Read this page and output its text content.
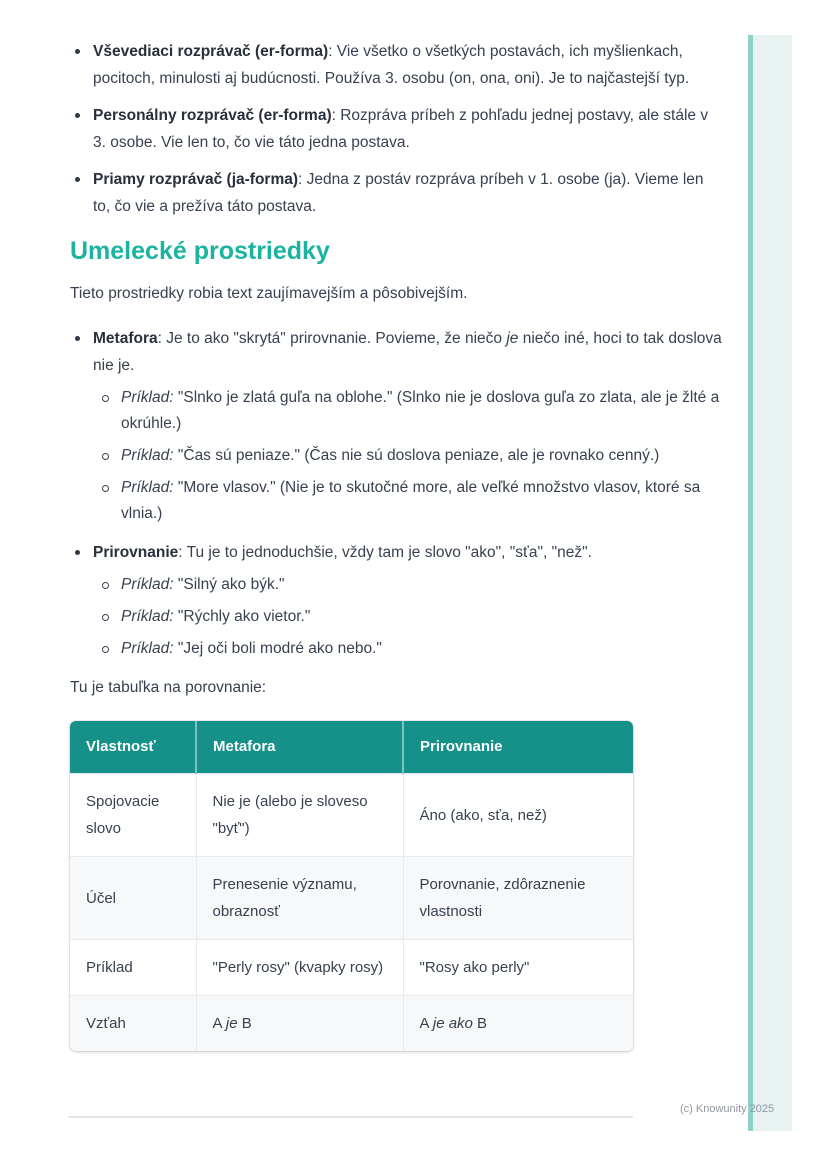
Vševediaci rozprávač (er-forma): Vie všetko o všetkých postavách, ich myšlienkach, pocitoch, minulosti aj budúcnosti. Používa 3. osobu (on, ona, oni). Je to najčastejší typ.
Personálny rozprávač (er-forma): Rozpráva príbeh z pohľadu jednej postavy, ale stále v 3. osobe. Vie len to, čo vie táto jedna postava.
Priamy rozprávač (ja-forma): Jedna z postáv rozpráva príbeh v 1. osobe (ja). Vieme len to, čo vie a prežíva táto postava.
Umelecké prostriedky

Tieto prostriedky robia text zaujímavejším a pôsobivejším.

Metafora: Je to ako "skrytá" prirovnanie. Povieme, že niečo je niečo iné, hoci to tak doslova nie je.
Príklad: "Slnko je zlatá guľa na oblohe." (Slnko nie je doslova guľa zo zlata, ale je žlté a okrúhle.)
Príklad: "Čas sú peniaze." (Čas nie sú doslova peniaze, ale je rovnako cenný.)
Príklad: "More vlasov." (Nie je to skutočné more, ale veľké množstvo vlasov, ktoré sa vlnia.)
Prirovnanie: Tu je to jednoduchšie, vždy tam je slovo "ako", "sťa", "než".
Príklad: "Silný ako býk."
Príklad: "Rýchly ako vietor."
Príklad: "Jej oči boli modré ako nebo."

Tu je tabuľka na porovnanie:

Vlastnosť	Metafora	Prirovnanie
Spojovacie slovo	Nie je (alebo je sloveso "byť")	Áno (ako, sťa, než)
Účel	Prenesenie významu, obraznosť	Porovnanie, zdôraznenie vlastnosti
Príklad	"Perly rosy" (kvapky rosy)	"Rosy ako perly"
Vzťah	A je B	A je ako B
(c) Knowunity 2025
